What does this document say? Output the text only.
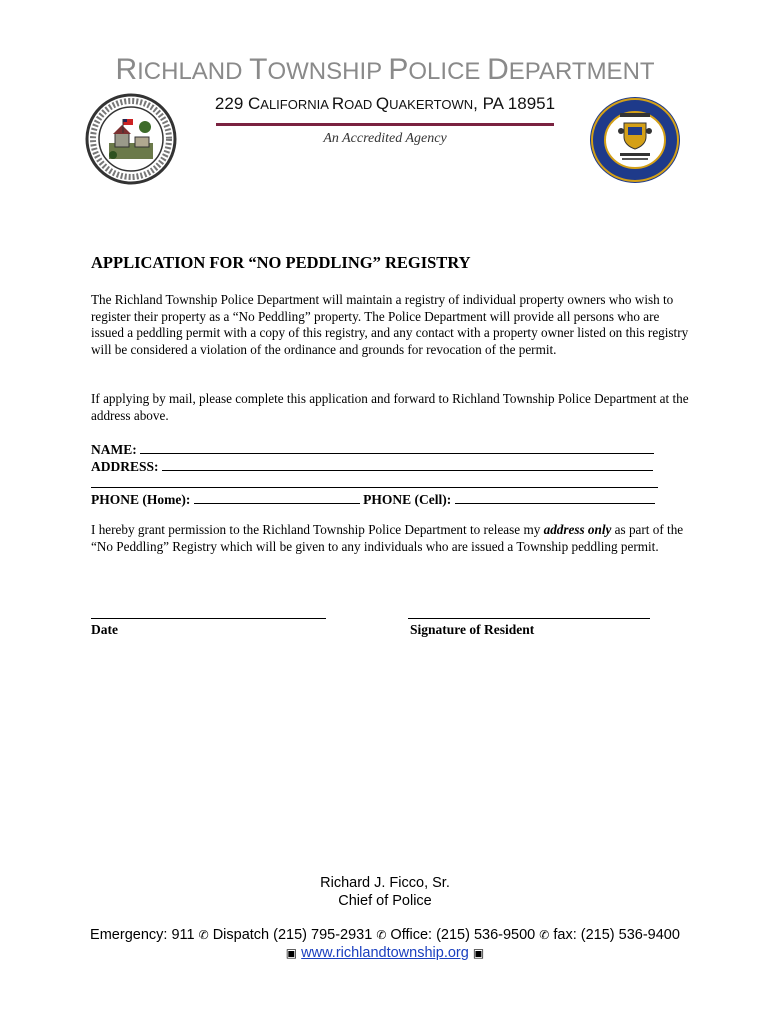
RICHLAND TOWNSHIP POLICE DEPARTMENT
229 CALIFORNIA ROAD QUAKERTOWN, PA 18951
An Accredited Agency
APPLICATION FOR “NO PEDDLING” REGISTRY
The Richland Township Police Department will maintain a registry of individual property owners who wish to register their property as a “No Peddling” property. The Police Department will provide all persons who are issued a peddling permit with a copy of this registry, and any contact with a property owner listed on this registry will be considered a violation of the ordinance and grounds for revocation of the permit.
If applying by mail, please complete this application and forward to Richland Township Police Department at the address above.
NAME:
ADDRESS:
PHONE (Home):	PHONE (Cell):
I hereby grant permission to the Richland Township Police Department to release my address only as part of the “No Peddling” Registry which will be given to any individuals who are issued a Township peddling permit.
Date	Signature of Resident
Richard J. Ficco, Sr.
Chief of Police
Emergency: 911 ✆ Dispatch (215) 795-2931 ✆ Office: (215) 536-9500 ✆ fax: (215) 536-9400
▣ www.richlandtownship.org ▣
